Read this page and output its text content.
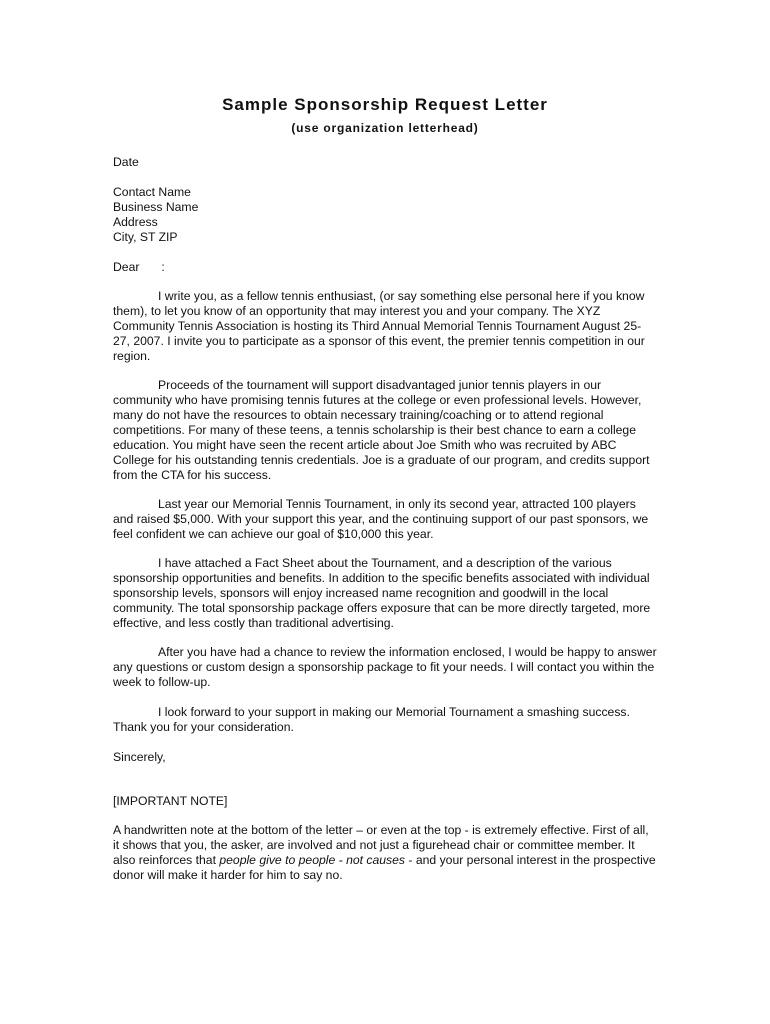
Sample Sponsorship Request Letter
(use organization letterhead)

Date

Contact Name
Business Name
Address
City, ST ZIP

Dear :

I write you, as a fellow tennis enthusiast, (or say something else personal here if you know them), to let you know of an opportunity that may interest you and your company. The XYZ Community Tennis Association is hosting its Third Annual Memorial Tennis Tournament August 25-27, 2007. I invite you to participate as a sponsor of this event, the premier tennis competition in our region.

Proceeds of the tournament will support disadvantaged junior tennis players in our community who have promising tennis futures at the college or even professional levels. However, many do not have the resources to obtain necessary training/coaching or to attend regional competitions. For many of these teens, a tennis scholarship is their best chance to earn a college education. You might have seen the recent article about Joe Smith who was recruited by ABC College for his outstanding tennis credentials. Joe is a graduate of our program, and credits support from the CTA for his success.

Last year our Memorial Tennis Tournament, in only its second year, attracted 100 players and raised $5,000. With your support this year, and the continuing support of our past sponsors, we feel confident we can achieve our goal of $10,000 this year.

I have attached a Fact Sheet about the Tournament, and a description of the various sponsorship opportunities and benefits. In addition to the specific benefits associated with individual sponsorship levels, sponsors will enjoy increased name recognition and goodwill in the local community. The total sponsorship package offers exposure that can be more directly targeted, more effective, and less costly than traditional advertising.

After you have had a chance to review the information enclosed, I would be happy to answer any questions or custom design a sponsorship package to fit your needs. I will contact you within the week to follow-up.

I look forward to your support in making our Memorial Tournament a smashing success. Thank you for your consideration.

Sincerely,

[IMPORTANT NOTE]

A handwritten note at the bottom of the letter – or even at the top - is extremely effective. First of all, it shows that you, the asker, are involved and not just a figurehead chair or committee member. It also reinforces that people give to people - not causes - and your personal interest in the prospective donor will make it harder for him to say no.
